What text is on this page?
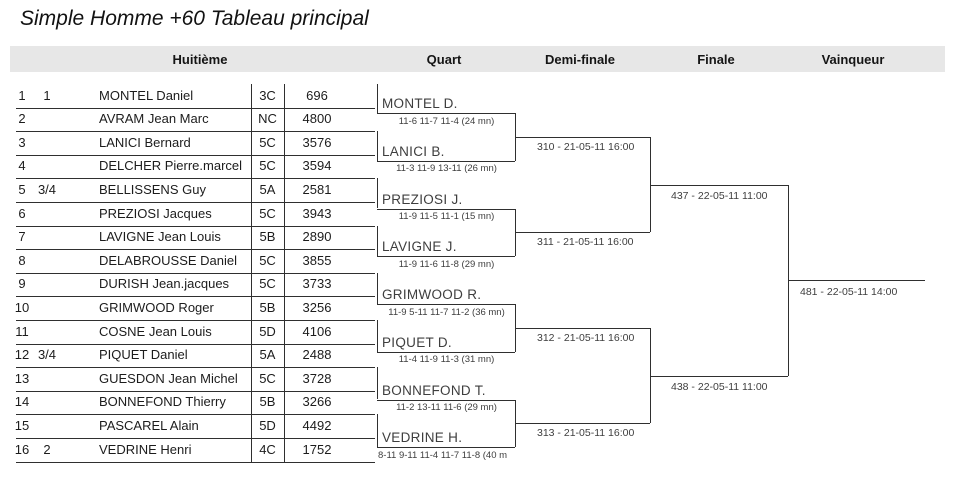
Simple Homme +60 Tableau principal
Huitième	Quart	Demi-finale	Finale	Vainqueur
1	1	MONTEL Daniel	3C	696
2	AVRAM Jean Marc	NC	4800
3	LANICI Bernard	5C	3576
4	DELCHER Pierre.marcel	5C	3594
5 3/4	BELLISSENS Guy	5A	2581
6	PREZIOSI Jacques	5C	3943
7	LAVIGNE Jean Louis	5B	2890
8	DELABROUSSE Daniel	5C	3855
9	DURISH Jean.jacques	5C	3733
10	GRIMWOOD Roger	5B	3256
11	COSNE Jean Louis	5D	4106
12 3/4	PIQUET Daniel	5A	2488
13	GUESDON Jean Michel	5C	3728
14	BONNEFOND Thierry	5B	3266
15	PASCAREL Alain	5D	4492
16	2	VEDRINE Henri	4C	1752
MONTEL D.
11-6 11-7 11-4 (24 mn)
LANICI B.
11-3 11-9 13-11 (26 mn)
PREZIOSI J.
11-9 11-5 11-1 (15 mn)
LAVIGNE J.
11-9 11-6 11-8 (29 mn)
GRIMWOOD R.
11-9 5-11 11-7 11-2 (36 mn)
PIQUET D.
11-4 11-9 11-3 (31 mn)
BONNEFOND T.
11-2 13-11 11-6 (29 mn)
VEDRINE H.
8-11 9-11 11-4 11-7 11-8 (40 m
310 - 21-05-11 16:00
311 - 21-05-11 16:00
312 - 21-05-11 16:00
313 - 21-05-11 16:00
437 - 22-05-11 11:00
438 - 22-05-11 11:00
481 - 22-05-11 14:00
